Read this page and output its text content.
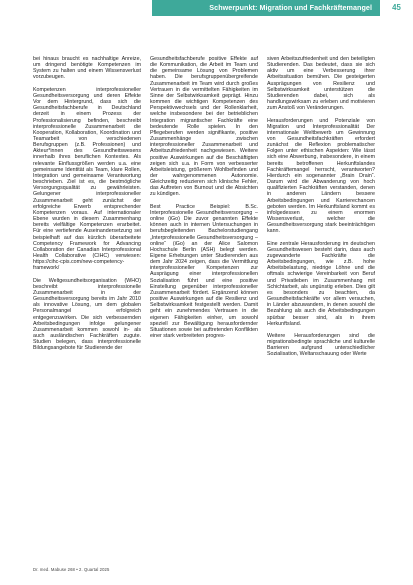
Schwerpunkt: Migration und Fachkräftemangel	45

bei hinaus braucht es nachhaltige Anreize, um dringend benötigte Kompetenzen im System zu halten und einem Wissensverlust vorzubeugen.

Kompetenzen interprofessioneller Gesundheitsversorgung und deren Effekte Vor dem Hintergrund, dass sich die Gesundheitsfachberufe in Deutschland derzeit in einem Prozess der Professionalisierung befinden, beschreibt interprofessionelle Zusammenarbeit die Kooperation, Kollaboration, Koordination und Teamarbeit von verschiedenen Berufsgruppen (z.B. Professionen) und Akteur*innen des Gesundheitswesens innerhalb ihres beruflichen Kontextes. Als relevante Einflussgrößen werden u.a. eine gemeinsame Identität als Team, klare Rollen, Integration und gemeinsame Verantwortung beschrieben. Ziel ist es, die bestmögliche Versorgungsqualität zu gewährleisten. Gelungener interprofessioneller Zusammenarbeit geht zunächst der erfolgreiche Erwerb entsprechender Kompetenzen voraus. Auf internationaler Ebene wurden in diesem Zusammenhang bereits vielfältige Kompetenzen erarbeitet. Für eine vertiefende Auseinandersetzung sei beispielhaft auf das kürzlich überarbeitete Competency Framework for Advancing Collaboration der Canadian Interprofessional Health Collaborative (CIHC) verwiesen: https://cihc-cpis.com/new-competency-framework/

Die Weltgesundheitsorganisation (WHO) beschreibt interprofessionelle Zusammenarbeit in der Gesundheitsversorgung bereits im Jahr 2010 als innovative Lösung, um dem globalen Personalmangel erfolgreich entgegenzuwirken. Die sich verbessernden Arbeitsbedingungen infolge gelungener Zusammenarbeit kommen sowohl in- als auch ausländischen Fachkräften zugute. Studien belegen, dass interprofessionelle Bildungsangebote für Studierende der

Gesundheitsfachberufe positive Effekte auf die Kommunikation, die Arbeit im Team und die gemeinsame Lösung von Problemen haben. Die berufsgruppenübergreifende Zusammenarbeit im Team wird durch großes Vertrauen in die vermittelten Fähigkeiten im Sinne der Selbstwirksamkeit geprägt. Hinzu kommen die wichtigen Kompetenzen des Perspektivwechsels und der Rollenklarheit, welche insbesondere bei der betrieblichen Integration migrantischer Fachkräfte eine bedeutende Rolle spielen. In den Pflegeberufen werden signifikante, positive Zusammenhänge zwischen interprofessioneller Zusammenarbeit und Arbeitszufriedenheit nachgewiesen. Weitere positive Auswirkungen auf die Beschäftigten zeigen sich u.a. in Form von verbesserter Arbeitsleistung, größerem Wohlbefinden und der wahrgenommenen Autonomie. Gleichzeitig reduzieren sich klinische Fehler, das Auftreten von Burnout und die Absichten zu kündigen.

Best Practice Beispiel: B.Sc. Interprofessionelle Gesundheitsversorgung – online (iGo) Die zuvor genannten Effekte können auch in internen Untersuchungen in berufsbegleitenden Bachelorstudiengang „Interprofessionelle Gesundheitsversorgung – online“ (iGo) an der Alice Salomon Hochschule Berlin (ASH) belegt werden. Eigene Erhebungen unter Studierenden aus dem Jahr 2024 zeigen, dass die Vermittlung interprofessioneller Kompetenzen zur Ausprägung einer interprofessionellen Sozialisation führt und eine positive Einstellung gegenüber interprofessioneller Zusammenarbeit fördert. Ergänzend können positive Auswirkungen auf die Resilienz und Selbstwirksamkeit festgestellt werden. Damit geht ein zunehmendes Vertrauen in die eigenen Fähigkeiten einher, um sowohl speziell zur Bewältigung herausfordernder Situationen sowie bei auftretenden Konflikten einer stark verbreiteten progres-

siven Arbeitszufriedenheit und den beteiligten Studierenden. Das bedeutet, dass sie sich aktiv um eine Verbesserung ihrer Arbeitssituation bemühen. Die gesteigerten Ausprägungen von Resilienz und Selbstwirksamkeit unterstützen die Studierenden dabei, sich als handlungswirksam zu erleben und motivieren zum Anstoß von Veränderungen.

Herausforderungen und Potenziale von Migration und Interprofessionalität Der internationale Weltbewerb um Gewinnung von Gesundheitsfachkräften erfordert zunächst die Reflexion problematischer Folgen unter ethischen Aspekten: Wie lässt sich eine Abwerbung, insbesondere, in einem bereits betroffenen Herkunftslandes Fachkräftemangel herrscht, verantworten? Hierdurch ein sogenannter „Brain Drain“. Darum wird die Abwanderung von hoch qualifizierten Fachkräften verstanden, denen in anderen Ländern bessere Arbeitsbedingungen und Karrierechancen geboten werden. Im Herkunftsland kommt es infolgedessen zu einem enormen Wissensverlust, welcher die Gesundheitsversorgung stark beeinträchtigen kann.

Eine zentrale Herausforderung im deutschen Gesundheitswesen besteht darin, dass auch zugewanderte Fachkräfte die Arbeitsbedingungen, wie z.B. hohe Arbeitsbelastung, niedrige Löhne und die oftmals schwierige Vereinbarkeit von Beruf und Privatleben im Zusammenhang mit Schichtarbeit, als ungünstig erleben. Dies gilt es besonders zu beachten, da Gesundheitsfachkräfte vor allem versuchen, in Länder abzuwandern, in denen sowohl die Bezahlung als auch die Arbeitsbedingungen spürbar besser sind, als in ihrem Herkunftsland.

Weitere Herausforderungen sind die migrationsbedingte sprachliche und kulturelle Barrieren aufgrund unterschiedlicher Sozialisation, Weltanschauung oder Werte

Dr. med. Mabuse 268 • 2. Quartal 2025
